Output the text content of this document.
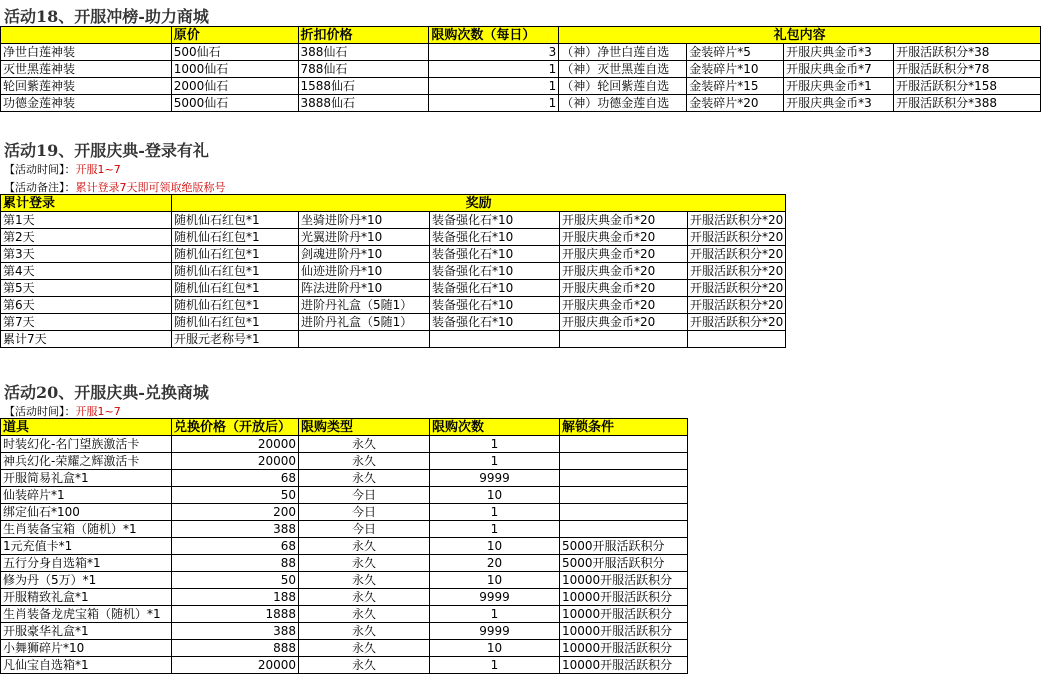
活动18、开服冲榜-助力商城
	原价	折扣价格	限购次数（每日）	礼包内容			
净世白莲神装	500仙石	388仙石	3	（神）净世白莲自选	金装碎片*5	开服庆典金币*3	开服活跃积分*38
灭世黑莲神装	1000仙石	788仙石	1	（神）灭世黑莲自选	金装碎片*10	开服庆典金币*7	开服活跃积分*78
轮回紫莲神装	2000仙石	1588仙石	1	（神）轮回紫莲自选	金装碎片*15	开服庆典金币*1	开服活跃积分*158
功德金莲神装	5000仙石	3888仙石	1	（神）功德金莲自选	金装碎片*20	开服庆典金币*3	开服活跃积分*388
活动19、开服庆典-登录有礼
【活动时间】：开服1~7
【活动备注】：累计登录7天即可领取绝版称号
累计登录	奖励				
第1天	随机仙石红包*1	坐骑进阶丹*10	装备强化石*10	开服庆典金币*20	开服活跃积分*20
第2天	随机仙石红包*1	光翼进阶丹*10	装备强化石*10	开服庆典金币*20	开服活跃积分*20
第3天	随机仙石红包*1	剑魂进阶丹*10	装备强化石*10	开服庆典金币*20	开服活跃积分*20
第4天	随机仙石红包*1	仙迹进阶丹*10	装备强化石*10	开服庆典金币*20	开服活跃积分*20
第5天	随机仙石红包*1	阵法进阶丹*10	装备强化石*10	开服庆典金币*20	开服活跃积分*20
第6天	随机仙石红包*1	进阶丹礼盒（5随1）	装备强化石*10	开服庆典金币*20	开服活跃积分*20
第7天	随机仙石红包*1	进阶丹礼盒（5随1）	装备强化石*10	开服庆典金币*20	开服活跃积分*20
累计7天	开服元老称号*1				
活动20、开服庆典-兑换商城
【活动时间】：开服1~7
道具	兑换价格（开放后）	限购类型	限购次数	解锁条件
时装幻化-名门望族激活卡	20000	永久	1	
神兵幻化-荣耀之辉激活卡	20000	永久	1	
开服简易礼盒*1	68	永久	9999	
仙装碎片*1	50	今日	10	
绑定仙石*100	200	今日	1	
生肖装备宝箱（随机）*1	388	今日	1	
1元充值卡*1	68	永久	10	5000开服活跃积分
五行分身自选箱*1	88	永久	20	5000开服活跃积分
修为丹（5万）*1	50	永久	10	10000开服活跃积分
开服精致礼盒*1	188	永久	9999	10000开服活跃积分
生肖装备龙虎宝箱（随机）*1	1888	永久	1	10000开服活跃积分
开服豪华礼盒*1	388	永久	9999	10000开服活跃积分
小舞狮碎片*10	888	永久	10	10000开服活跃积分
凡仙宝自选箱*1	20000	永久	1	10000开服活跃积分
